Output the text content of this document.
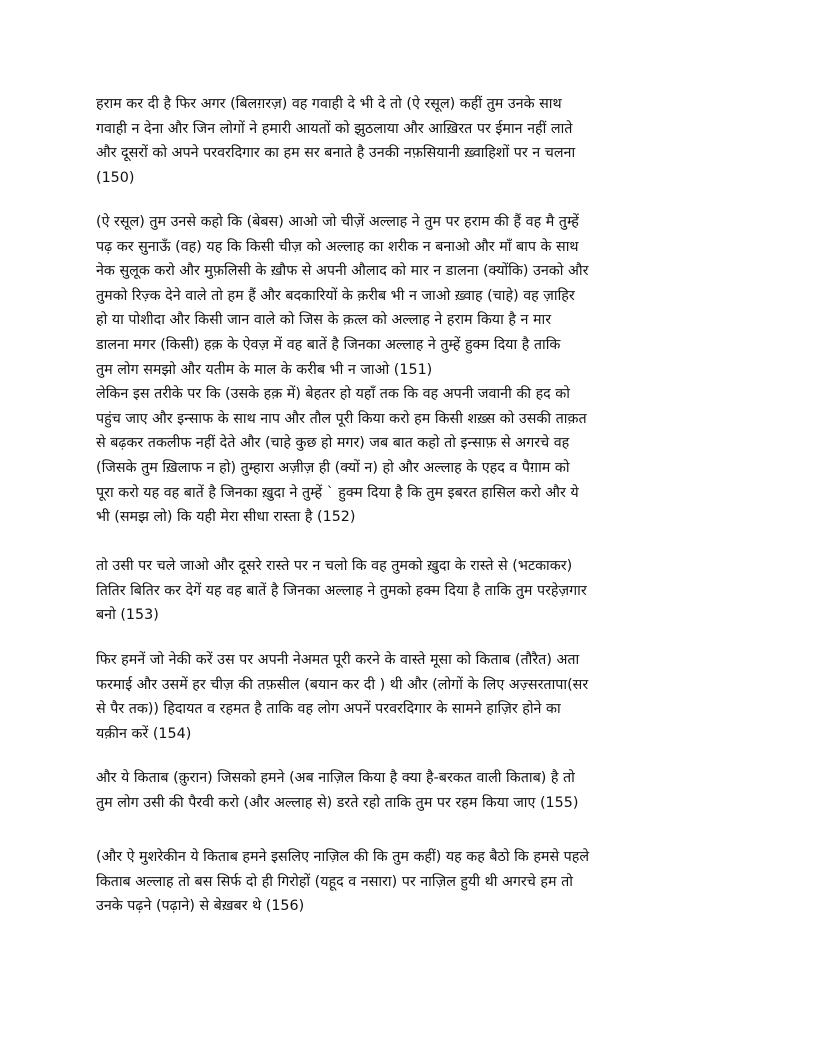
हराम कर दी है फिर अगर (बिलग़रज़) वह गवाही दे भी दे तो (ऐ रसूल) कहीं तुम उनके साथ
गवाही न देना और जिन लोगों ने हमारी आयतों को झुठलाया और आख़िरत पर ईमान नहीं लाते
और दूसरों को अपने परवरदिगार का हम सर बनाते है उनकी नफ़सियानी ख़्वाहिशों पर न चलना
(150)
(ऐ रसूल) तुम उनसे कहो कि (बेबस) आओ जो चीज़ें अल्लाह ने तुम पर हराम की हैं वह मै तुम्हें
पढ़ कर सुनाऊँ (वह) यह कि किसी चीज़ को अल्लाह का शरीक न बनाओ और माँ बाप के साथ
नेक सुलूक करो और मुफ़लिसी के ख़ौफ से अपनी औलाद को मार न डालना (क्योंकि) उनको और
तुमको रिज़्क देने वाले तो हम हैं और बदकारियों के क़रीब भी न जाओ ख़्वाह (चाहे) वह ज़ाहिर
हो या पोशीदा और किसी जान वाले को जिस के क़त्ल को अल्लाह ने हराम किया है न मार
डालना मगर (किसी) हक़ के ऐवज़ में वह बातें है जिनका अल्लाह ने तुम्हें हुक्म दिया है ताकि
तुम लोग समझो और यतीम के माल के करीब भी न जाओ (151)
लेकिन इस तरीके पर कि (उसके हक़ में) बेहतर हो यहाँ तक कि वह अपनी जवानी की हद को
पहुंच जाए और इन्साफ के साथ नाप और तौल पूरी किया करो हम किसी शख़्स को उसकी ताक़त
से बढ़कर तकलीफ नहीं देते और (चाहे कुछ हो मगर) जब बात कहो तो इन्साफ़ से अगरचे वह
(जिसके तुम ख़िलाफ न हो) तुम्हारा अज़ीज़ ही (क्यों न) हो और अल्लाह के एहद व पैग़ाम को
पूरा करो यह वह बातें है जिनका ख़ुदा ने तुम्हें ` हुक्म दिया है कि तुम इबरत हासिल करो और ये
भी (समझ लो) कि यही मेरा सीधा रास्ता है (152)
तो उसी पर चले जाओ और दूसरे रास्ते पर न चलो कि वह तुमको ख़ुदा के रास्ते से (भटकाकर)
तितिर बितिर कर देगें यह वह बातें है जिनका अल्लाह ने तुमको हक्म दिया है ताकि तुम परहेज़गार
बनो (153)
फिर हमनें जो नेकी करें उस पर अपनी नेअमत पूरी करने के वास्ते मूसा को किताब (तौरैत) अता
फरमाई और उसमें हर चीज़ की तफ़सील (बयान कर दी ) थी और (लोगों के लिए अज़्सरतापा(सर
से पैर तक)) हिदायत व रहमत है ताकि वह लोग अपनें परवरदिगार के सामने हाज़िर होने का
यक़ीन करें (154)
और ये किताब (क़ुरान) जिसको हमने (अब नाज़िल किया है क्या है-बरकत वाली किताब) है तो
तुम लोग उसी की पैरवी करो (और अल्लाह से) डरते रहो ताकि तुम पर रहम किया जाए (155)
(और ऐ मुशरेकीन ये किताब हमने इसलिए नाज़िल की कि तुम कहीं) यह कह बैठो कि हमसे पहले
किताब अल्लाह तो बस सिर्फ दो ही गिरोहों (यहूद व नसारा) पर नाज़िल हुयी थी अगरचे हम तो
उनके पढ़ने (पढ़ाने) से बेख़बर थे (156)
